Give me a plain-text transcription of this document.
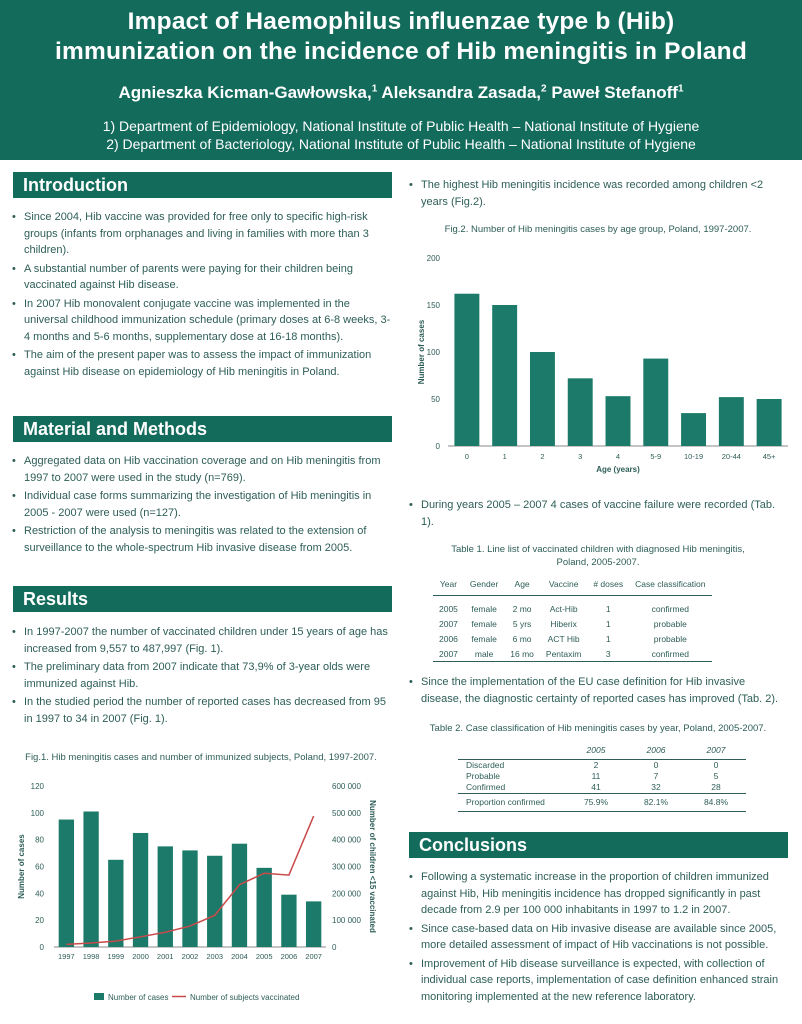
Impact of Haemophilus influenzae type b (Hib)
immunization on the incidence of Hib meningitis in Poland
Agnieszka Kicman-Gawłowska,$^1$ Aleksandra Zasada,$^2$ Paweł Stefanoff$^1$
1) Department of Epidemiology, National Institute of Public Health – National Institute of Hygiene
2) Department of Bacteriology, National Institute of Public Health – National Institute of Hygiene
Introduction
• Since 2004, Hib vaccine was provided for free only to specific high-risk groups (infants from orphanages and living in families with more than 3 children).
• A substantial number of parents were paying for their children being vaccinated against Hib disease.
• In 2007 Hib monovalent conjugate vaccine was implemented in the universal childhood immunization schedule (primary doses at 6-8 weeks, 3-4 months and 5-6 months, supplementary dose at 16-18 months).
• The aim of the present paper was to assess the impact of immunization against Hib disease on epidemiology of Hib meningitis in Poland.
Material and Methods
• Aggregated data on Hib vaccination coverage and on Hib meningitis from 1997 to 2007 were used in the study (n=769).
• Individual case forms summarizing the investigation of Hib meningitis in 2005 - 2007 were used (n=127).
• Restriction of the analysis to meningitis was related to the extension of surveillance to the whole-spectrum Hib invasive disease from 2005.
Results
• In 1997-2007 the number of vaccinated children under 15 years of age has increased from 9,557 to 487,997 (Fig. 1).
• The preliminary data from 2007 indicate that 73,9% of 3-year olds were immunized against Hib.
• In the studied period the number of reported cases has decreased from 95 in 1997 to 34 in 2007 (Fig. 1).
Fig.1. Hib meningitis cases and number of immunized subjects, Poland, 1997-2007.
0
20
40
60
80
100
120
0
100 000
200 000
300 000
400 000
500 000
600 000
1997 1998 1999 2000 2001 2002 2003 2004 2005 2006 2007
Number of cases	Number of children <15 vaccinated
Number of cases	Number of subjects vaccinated
• The highest Hib meningitis incidence was recorded among children <2 years (Fig.2).
Fig.2. Number of Hib meningitis cases by age group, Poland, 1997-2007.
0
50
100
150
200
0	1	2	3	4	5-9	10-19 20-44	45+
Age (years)
Number of cases
• During years 2005 – 2007 4 cases of vaccine failure were recorded (Tab. 1).
Table 1. Line list of vaccinated children with diagnosed Hib meningitis,
Poland, 2005-2007.
Year	Gender	Age	Vaccine	# doses	Case classification
2005	female	2 mo	Act-Hib	1	confirmed
2007	female	5 yrs	Hiberix	1	probable
2006	female	6 mo	ACT Hib	1	probable
2007	male	16 mo	Pentaxim	3	confirmed
• Since the implementation of the EU case definition for Hib invasive disease, the diagnostic certainty of reported cases has improved (Tab. 2).
Table 2. Case classification of Hib meningitis cases by year, Poland, 2005-2007.
	2005	2006	2007
Discarded	2	0	0
Probable	11	7	5
Confirmed	41	32	28
Proportion confirmed	75.9%	82.1%	84.8%
Conclusions
• Following a systematic increase in the proportion of children immunized against Hib, Hib meningitis incidence has dropped significantly in past decade from 2.9 per 100 000 inhabitants in 1997 to 1.2 in 2007.
• Since case-based data on Hib invasive disease are available since 2005, more detailed assessment of impact of Hib vaccinations is not possible.
• Improvement of Hib disease surveillance is expected, with collection of individual case reports, implementation of case definition enhanced strain monitoring implemented at the new reference laboratory.
